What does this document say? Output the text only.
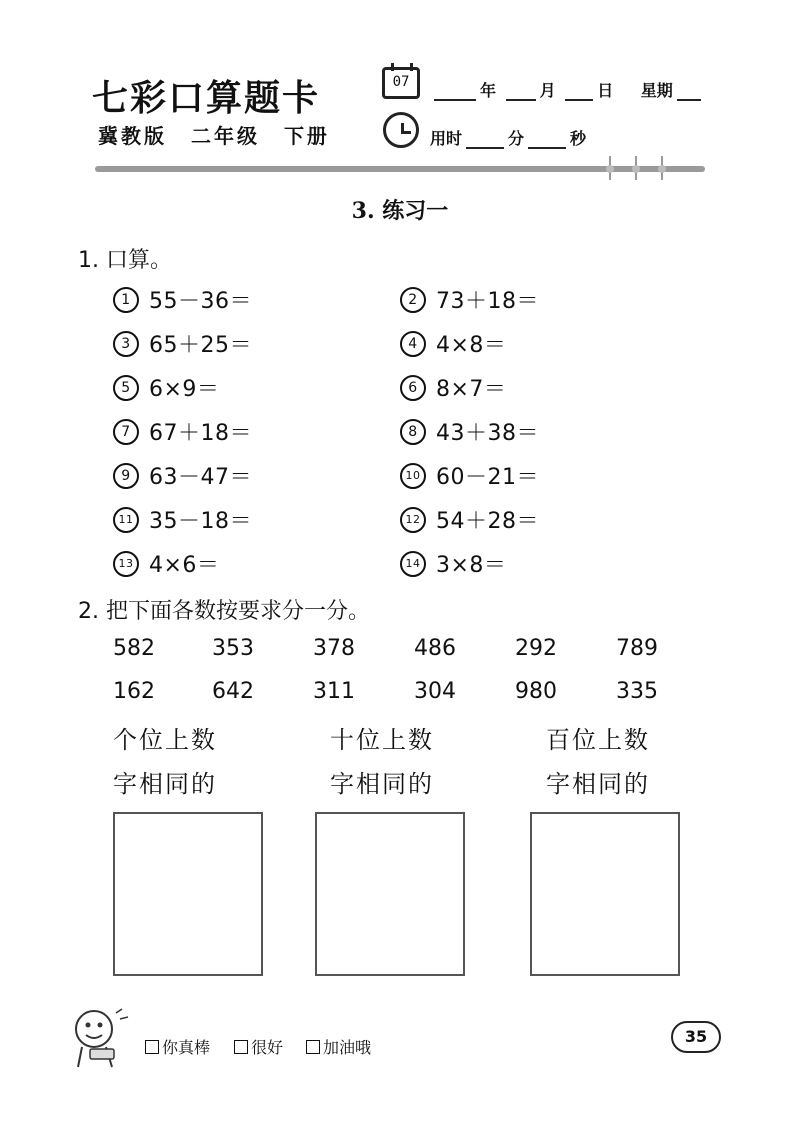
七彩口算题卡
冀教版 二年级 下册
07	年	月	日 星期
用时	分	秒
3. 练习一
1. 口算。
1 55－36＝	2 73＋18＝
3 65＋25＝	4 4×8＝
5 6×9＝	6 8×7＝
7 67＋18＝	8 43＋38＝
9 63－47＝	10 60－21＝
11 35－18＝	12 54＋28＝
13 4×6＝	14 3×8＝
2. 把下面各数按要求分一分。
582	353	378	486	292	789
162	642	311	304	980	335
个位上数
字相同的
十位上数
字相同的
百位上数
字相同的
你真棒	很好	加油哦
35
